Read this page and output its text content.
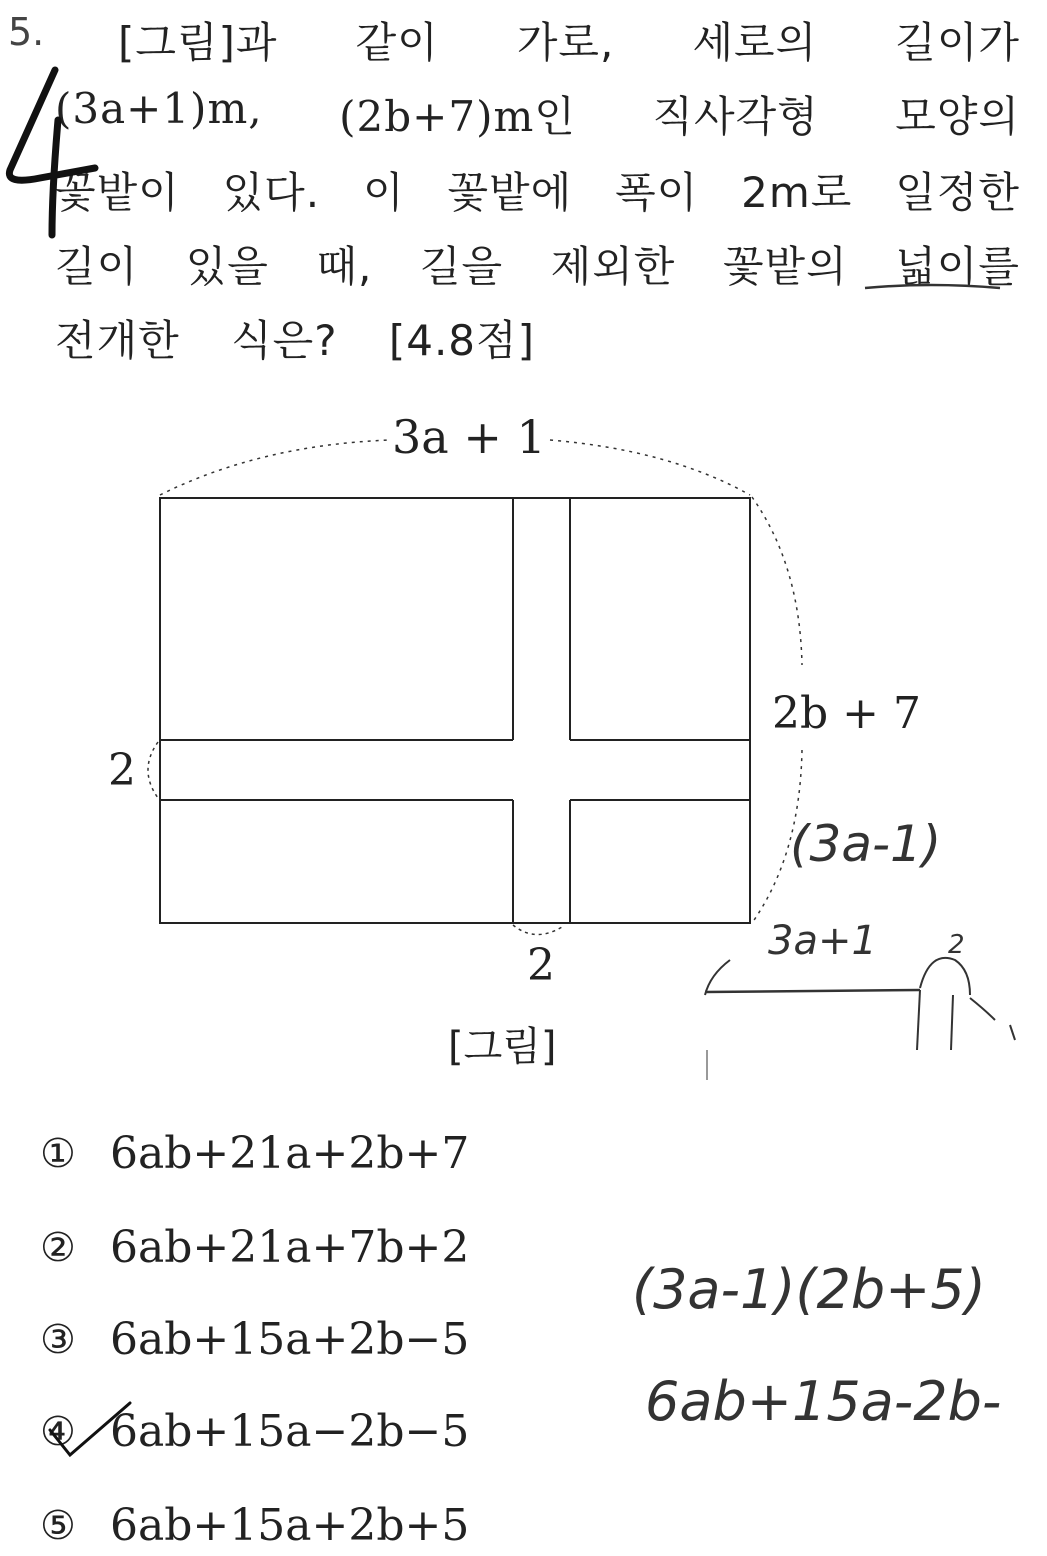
5. [그림]과 같이 가로, 세로의 길이가
(3a+1)m, (2b+7)m인 직사각형 모양의
꽃밭이 있다. 이 꽃밭에 폭이 2m로 일정한
길이 있을 때, 길을 제외한 꽃밭의 넓이를
전개한 식은? [4.8점]
3a + 1
2b + 7
2
2
[그림]
(3a-1)
3a+1	2
① 6ab+21a+2b+7
② 6ab+21a+7b+2
③ 6ab+15a+2b−5
④ 6ab+15a−2b−5
⑤ 6ab+15a+2b+5
(3a-1)(2b+5)
6ab+15a-2b-
